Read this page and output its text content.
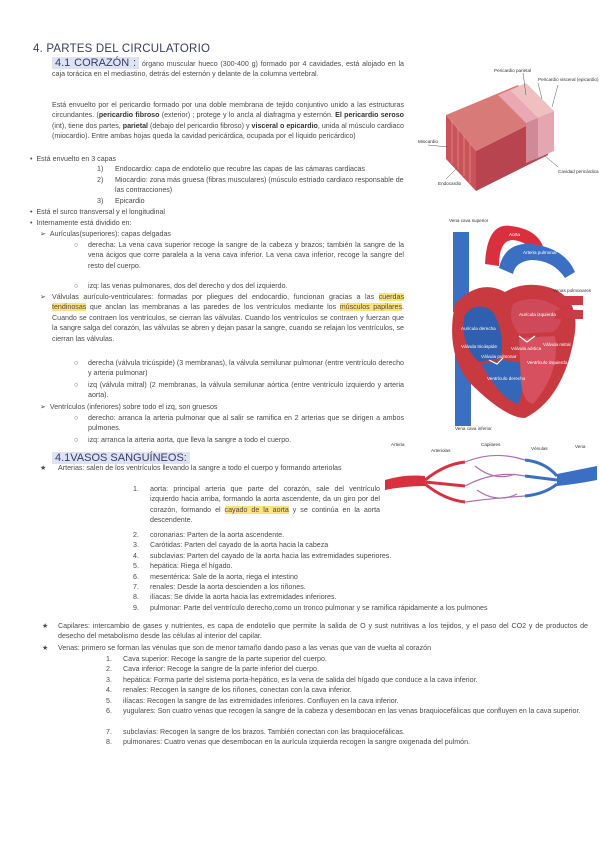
4. PARTES DEL CIRCULATORIO
4.1 CORAZÓN : órgano muscular hueco (300-400 g) formado por 4 cavidades, está alojado en la caja torácica en el mediastino, detrás del esternón y delante de la columna vertebral.
Está envuelto por el pericardio formado por una doble membrana de tejido conjuntivo unido a las estructuras circundantes. (pericardio fibroso (exterior) ; protege y lo ancla al diafragma y esternón. El pericardio seroso (int), tiene dos partes, parietal (debajo del pericardio fibroso) y visceral o epicardio, unida al músculo cardiaco (miocardio). Entre ambas hojas queda la cavidad pericárdica, ocupada por el líquido pericárdico)
•  Está envuelto en 3 capas
1) Endocardio: capa de endotelio que recubre las capas de las cámaras cardiacas
2) Miocardio: zona más gruesa (fibras musculares) (músculo estriado cardiaco responsable de las contracciones)
3) Epicardio
•  Está el surco transversal y el longitudinal
•  Internamente está dividido en:
➢  Aurículas(superiores): capas delgadas
○ derecha: La vena cava superior recoge la sangre de la cabeza y brazos; también la sangre de la vena ácigos que corre paralela a la vena cava inferior. La vena cava inferior, recoge la sangre del resto del cuerpo.
○ izq: las venas pulmonares, dos del derecho y dos del izquierdo.
➢ Válvulas aurículo-ventriculares: formadas por pliegues del endocardio, funcionan gracias a las cuerdas tendinosas que anclan las membranas a las paredes de los ventrículos mediante los músculos papilares. Cuando se contraen los ventrículos, se cierran las válvulas. Cuando los ventrículos se contraen y fuerzan que la sangre salga del corazón, las válvulas se abren y dejan pasar la sangre, cuando se relajan los ventrículos, se cierran las válvulas.
○ derecha (válvula tricúspide) (3 membranas), la válvula semilunar pulmonar (entre ventrículo derecho y arteria pulmonar)
○ izq (válvula mitral) (2 membranas, la válvula semilunar aórtica (entre ventrículo izquierdo y arteria aorta).
➢  Ventrículos (inferiores) sobre todo el izq, son gruesos
○ derecho: arranca la arteria pulmonar que al salir se ramifica en 2 arterias que se dirigen a ambos pulmones.
○ izq: arranca la arteria aorta, que lleva la sangre a todo el cuerpo.
4.1VASOS SANGUÍNEOS:
★ Arterias: salen de los ventrículos llevando la sangre a todo el cuerpo y formando arteriolas
1. aorta: principal arteria que parte del corazón, sale del ventrículo izquierdo hacia arriba, formando la aorta ascendente, da un giro por del corazón, formando el cayado de la aorta y se continúa en la aorta descendente.
2. coronarias: Parten de la aorta ascendente.
3. Carótidas: Parten del cayado de la aorta hacia la cabeza
4. subclavias: Parten del cayado de la aorta hacia las extremidades superiores.
5. hepática: Riega el hígado.
6. mesentérica: Sale de la aorta, riega el intestino
7. renales: Desde la aorta descienden a los riñones.
8. ilíacas: Se divide la aorta hacia las extremidades inferiores.
9. pulmonar: Parte del ventrículo derecho,como un tronco pulmonar y se ramifica rápidamente a los pulmones
★ Capilares: intercambio de gases y nutrientes, es capa de endotelio que permite la salida de O y sust nutritivas a los tejidos, y el paso del CO2 y de productos de desecho del metabolismo desde las células al interior del capilar.
★ Venas: primero se forman las vénulas que son de menor tamaño dando paso a las venas que van de vuelta al corazón
1. Cava superior: Recoge la sangre de la parte superior del cuerpo.
2. Cava inferior: Recoge la sangre de la parte inferior del cuerpo.
3. hepática: Forma parte del sistema porta-hepático, es la vena de salida del hígado que conduce a la cava inferior.
4. renales: Recogen la sangre de los riñones, conectan con la cava inferior.
5. ilíacas: Recogen la sangre de las extremidades inferiores. Confluyen en la cava inferior.
6. yugulares: Son cuatro venas que recogen la sangre de la cabeza y desembocan en las venas braquiocefálicas que confluyen en la cava superior.
7. subclavias: Recogen la sangre de los brazos. También conectan con las braquiocefálicas.
8. pulmonares: Cuatro venas que desembocan en la aurícula izquierda recogen la sangre oxigenada del pulmón.
Pericardio parietal
Pericardio visceral (epicardio)
Miocardio
Endocardio
Cavidad pericárdica
Vena cava superior
Aorta
Arteria pulmonar
Aurícula izquierda
Venas pulmonares
Aurícula derecha
Válvula mitral
Válvula aórtica
Válvula tricúspide
Válvula pulmonar
Ventrículo izquierdo
Ventrículo derecho
Vena cava inferior
Arteria
Arteriolas
Capilares
Vénulas	Vena
